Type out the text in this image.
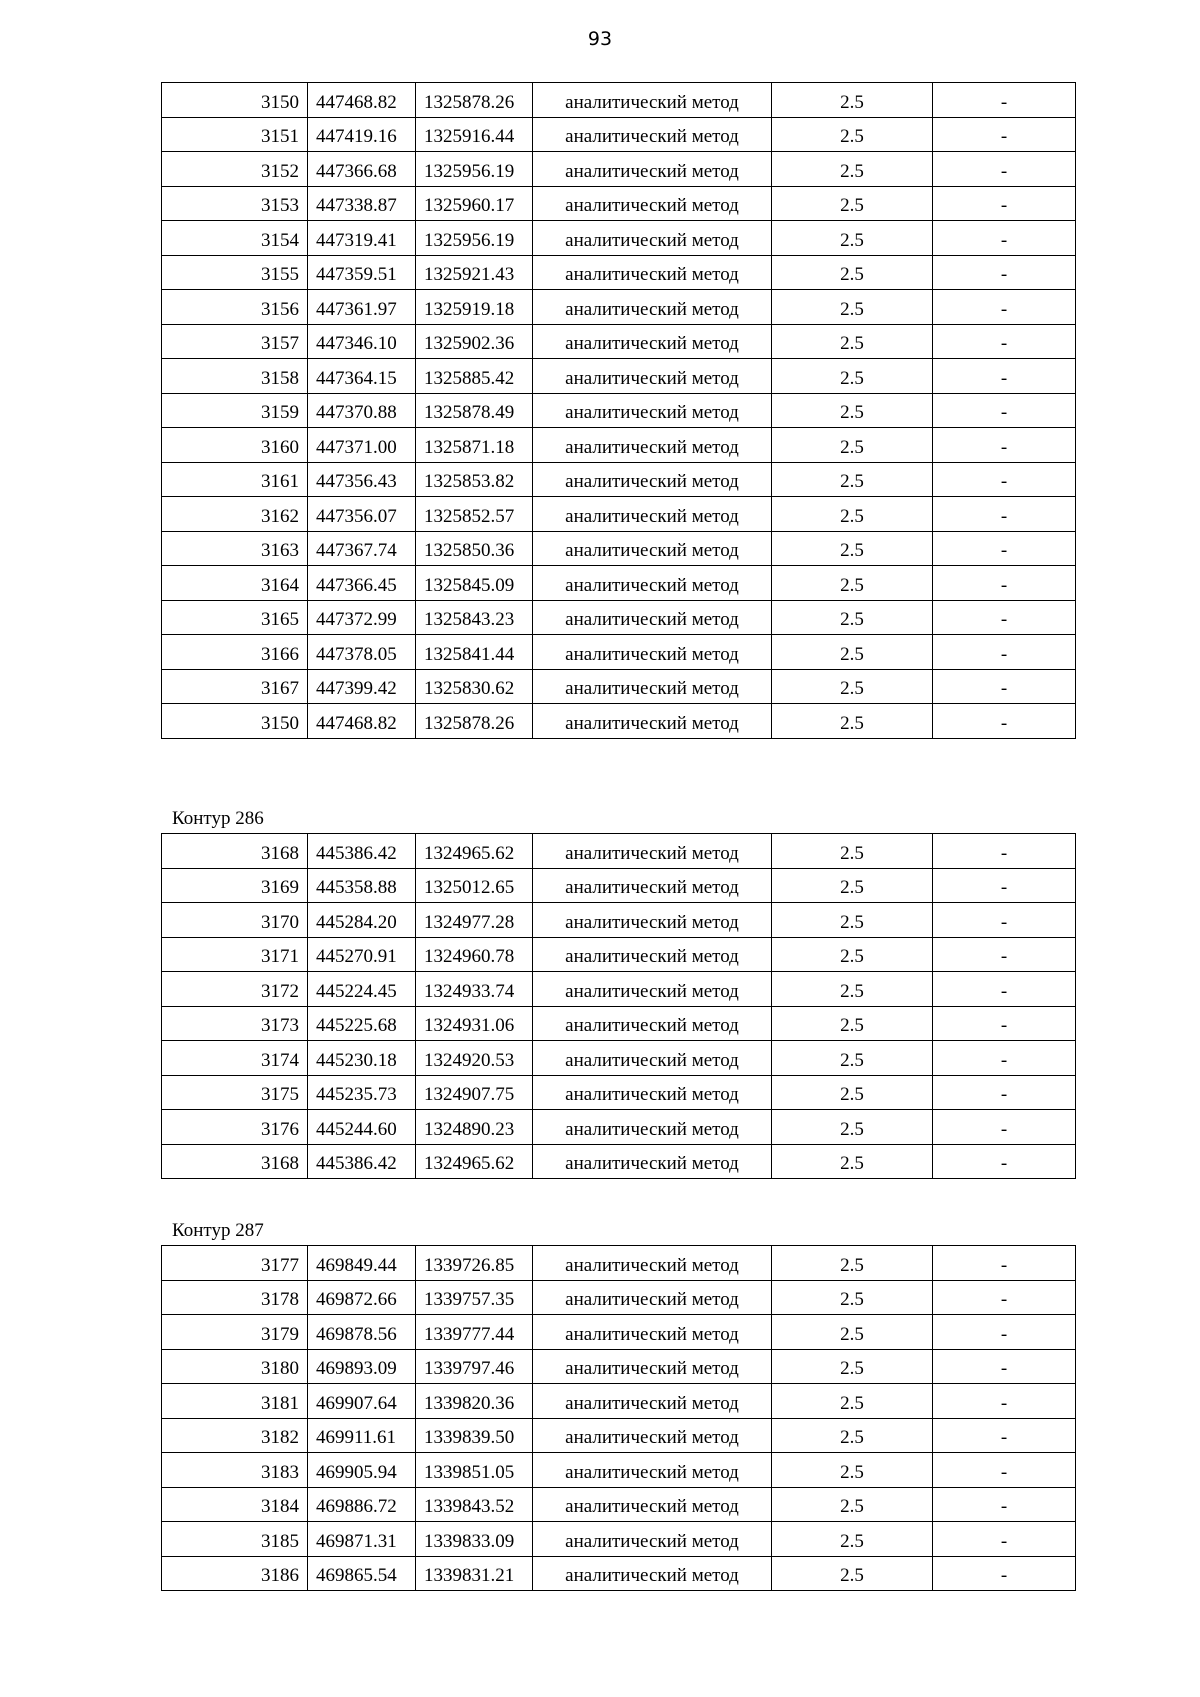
93
3150	447468.82	1325878.26	аналитический метод	2.5	-
3151	447419.16	1325916.44	аналитический метод	2.5	-
3152	447366.68	1325956.19	аналитический метод	2.5	-
3153	447338.87	1325960.17	аналитический метод	2.5	-
3154	447319.41	1325956.19	аналитический метод	2.5	-
3155	447359.51	1325921.43	аналитический метод	2.5	-
3156	447361.97	1325919.18	аналитический метод	2.5	-
3157	447346.10	1325902.36	аналитический метод	2.5	-
3158	447364.15	1325885.42	аналитический метод	2.5	-
3159	447370.88	1325878.49	аналитический метод	2.5	-
3160	447371.00	1325871.18	аналитический метод	2.5	-
3161	447356.43	1325853.82	аналитический метод	2.5	-
3162	447356.07	1325852.57	аналитический метод	2.5	-
3163	447367.74	1325850.36	аналитический метод	2.5	-
3164	447366.45	1325845.09	аналитический метод	2.5	-
3165	447372.99	1325843.23	аналитический метод	2.5	-
3166	447378.05	1325841.44	аналитический метод	2.5	-
3167	447399.42	1325830.62	аналитический метод	2.5	-
3150	447468.82	1325878.26	аналитический метод	2.5	-
Контур 286
3168	445386.42	1324965.62	аналитический метод	2.5	-
3169	445358.88	1325012.65	аналитический метод	2.5	-
3170	445284.20	1324977.28	аналитический метод	2.5	-
3171	445270.91	1324960.78	аналитический метод	2.5	-
3172	445224.45	1324933.74	аналитический метод	2.5	-
3173	445225.68	1324931.06	аналитический метод	2.5	-
3174	445230.18	1324920.53	аналитический метод	2.5	-
3175	445235.73	1324907.75	аналитический метод	2.5	-
3176	445244.60	1324890.23	аналитический метод	2.5	-
3168	445386.42	1324965.62	аналитический метод	2.5	-
Контур 287
3177	469849.44	1339726.85	аналитический метод	2.5	-
3178	469872.66	1339757.35	аналитический метод	2.5	-
3179	469878.56	1339777.44	аналитический метод	2.5	-
3180	469893.09	1339797.46	аналитический метод	2.5	-
3181	469907.64	1339820.36	аналитический метод	2.5	-
3182	469911.61	1339839.50	аналитический метод	2.5	-
3183	469905.94	1339851.05	аналитический метод	2.5	-
3184	469886.72	1339843.52	аналитический метод	2.5	-
3185	469871.31	1339833.09	аналитический метод	2.5	-
3186	469865.54	1339831.21	аналитический метод	2.5	-
